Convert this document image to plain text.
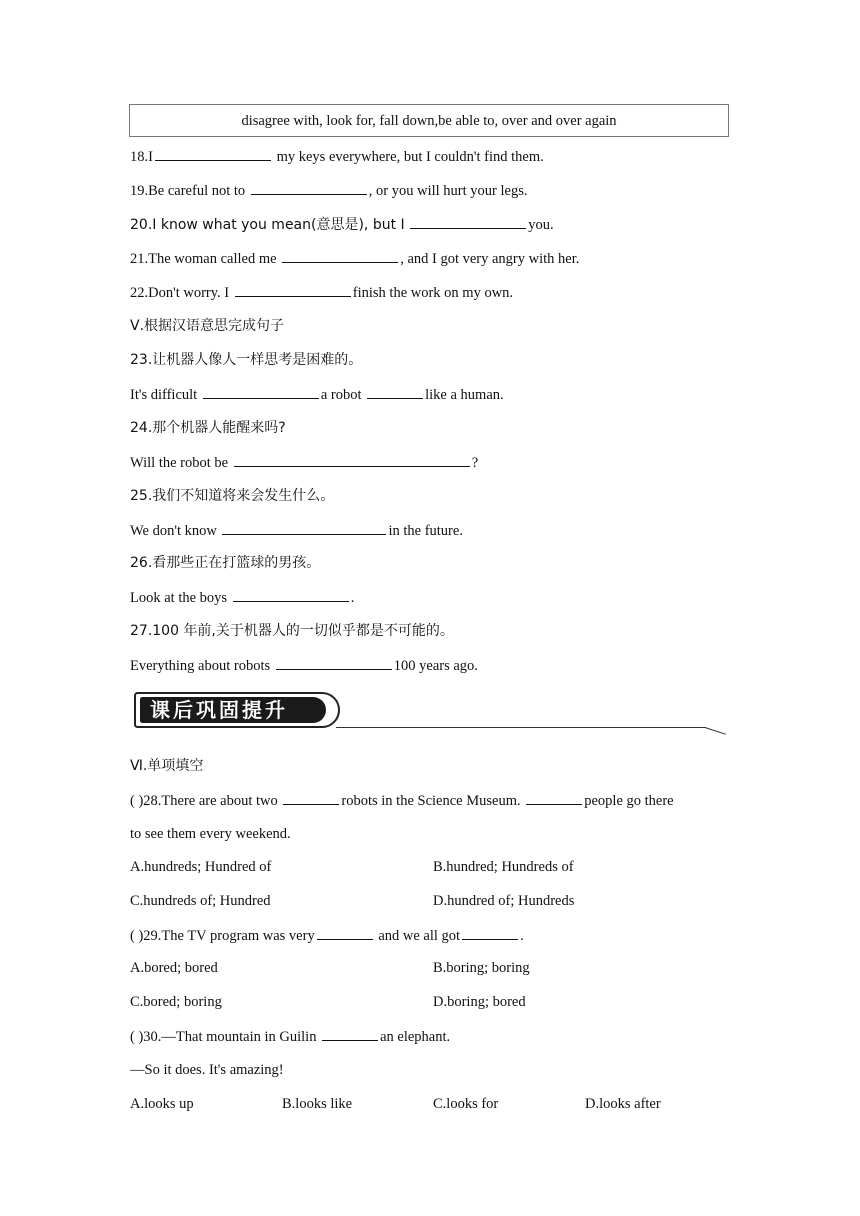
disagree with, look for, fall down,be able to, over and over again
18.I	my keys everywhere, but I couldn't find them.
19.Be careful not to	, or you will hurt your legs.
20.I know what you mean(意思是), but I	you.
21.The woman called me	, and I got very angry with her.
22.Don't worry. I	finish the work on my own.
Ⅴ.根据汉语意思完成句子
23.让机器人像人一样思考是困难的。
It's difficult	a robot	like a human.
24.那个机器人能醒来吗?
Will the robot be	?
25.我们不知道将来会发生什么。
We don't know	in the future.
26.看那些正在打篮球的男孩。
Look at the boys	.
27.100 年前,关于机器人的一切似乎都是不可能的。
Everything about robots	100 years ago.
课后巩固提升
Ⅵ.单项填空
( )28.There are about two	robots in the Science Museum.	people go there
to see them every weekend.
A.hundreds; Hundred of	B.hundred; Hundreds of
C.hundreds of; Hundred	D.hundred of; Hundreds
( )29.The TV program was very	and we all got	.
A.bored; bored	B.boring; boring
C.bored; boring	D.boring; bored
( )30.—That mountain in Guilin	an elephant.
—So it does. It's amazing!
A.looks up	B.looks like	C.looks for	D.looks after
